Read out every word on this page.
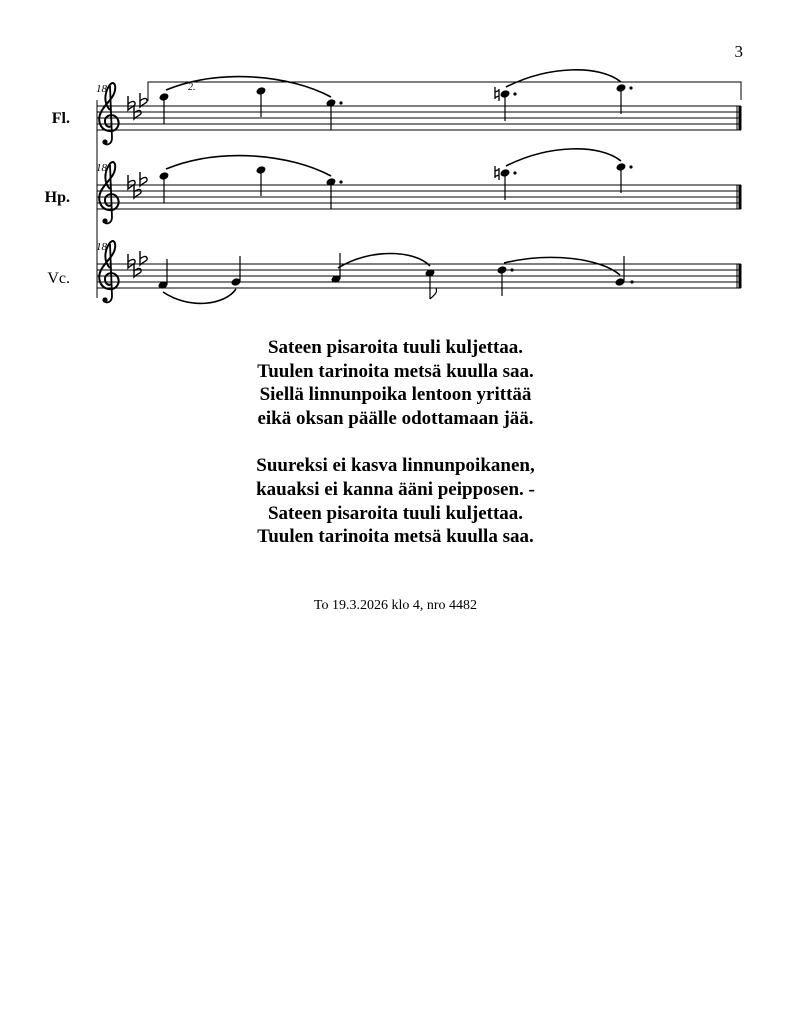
3
Fl.
Hp.
Vc.
18
18
18
2.
Sateen pisaroita tuuli kuljettaa.
Tuulen tarinoita metsä kuulla saa.
Siellä linnunpoika lentoon yrittää
eikä oksan päälle odottamaan jää.
Suureksi ei kasva linnunpoikanen,
kauaksi ei kanna ääni peipposen. -
Sateen pisaroita tuuli kuljettaa.
Tuulen tarinoita metsä kuulla saa.
To 19.3.2026 klo 4, nro 4482
